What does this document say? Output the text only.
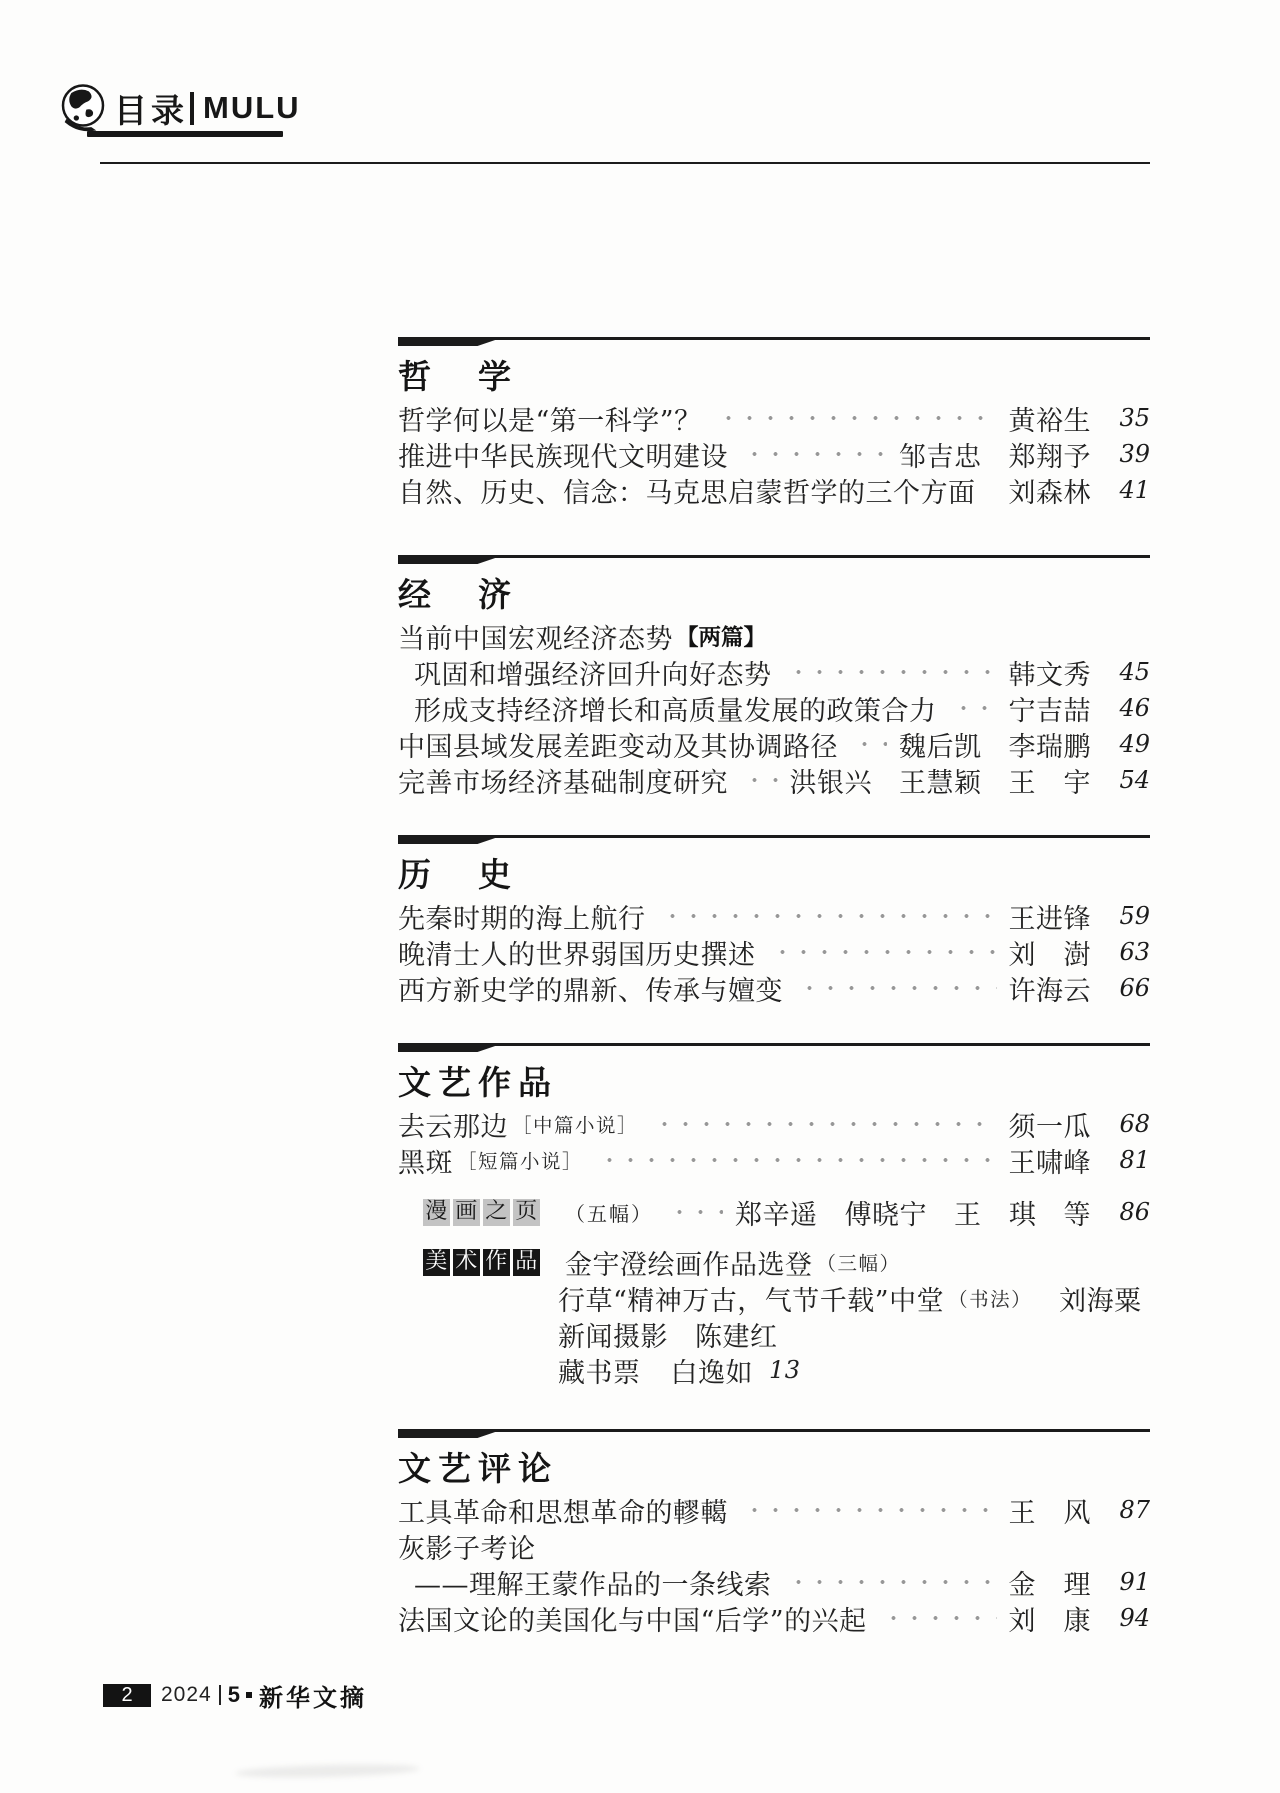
目录 MULU
哲　学
哲学何以是“第一科学”？	黄裕生	35
推进中华民族现代文明建设	邹吉忠 郑翔予	39
自然、历史、信念：马克思启蒙哲学的三个方面 刘森林	41
经　济
当前中国宏观经济态势 【两篇】
巩固和增强经济回升向好态势	韩文秀	45
形成支持经济增长和高质量发展的政策合力	宁吉喆	46
中国县域发展差距变动及其协调路径 魏后凯 李瑞鹏	49
完善市场经济基础制度研究 洪银兴 王慧颖 王　宇	54
历　史
先秦时期的海上航行	王进锋	59
晚清士人的世界弱国历史撰述	刘　澍	63
西方新史学的鼎新、传承与嬗变	许海云	66
文艺作品
去云那边 ［中篇小说］	须一瓜	68
黑斑 ［短篇小说］	王啸峰	81
漫 画 之 页 （五幅）	郑辛遥 傅晓宁 王　琪 等	86
美 术 作 品 金宇澄绘画作品选登 （三幅）
行草“精神万古，气节千载”中堂 （书法） 刘海粟
新闻摄影 陈建红
藏书票 白逸如 13
文艺评论
工具革命和思想革命的轇轕	王　风	87
灰影子考论
——理解王蒙作品的一条线索	金　理	91
法国文论的美国化与中国“后学”的兴起	刘　康	94
2	2024 5 新华文摘
